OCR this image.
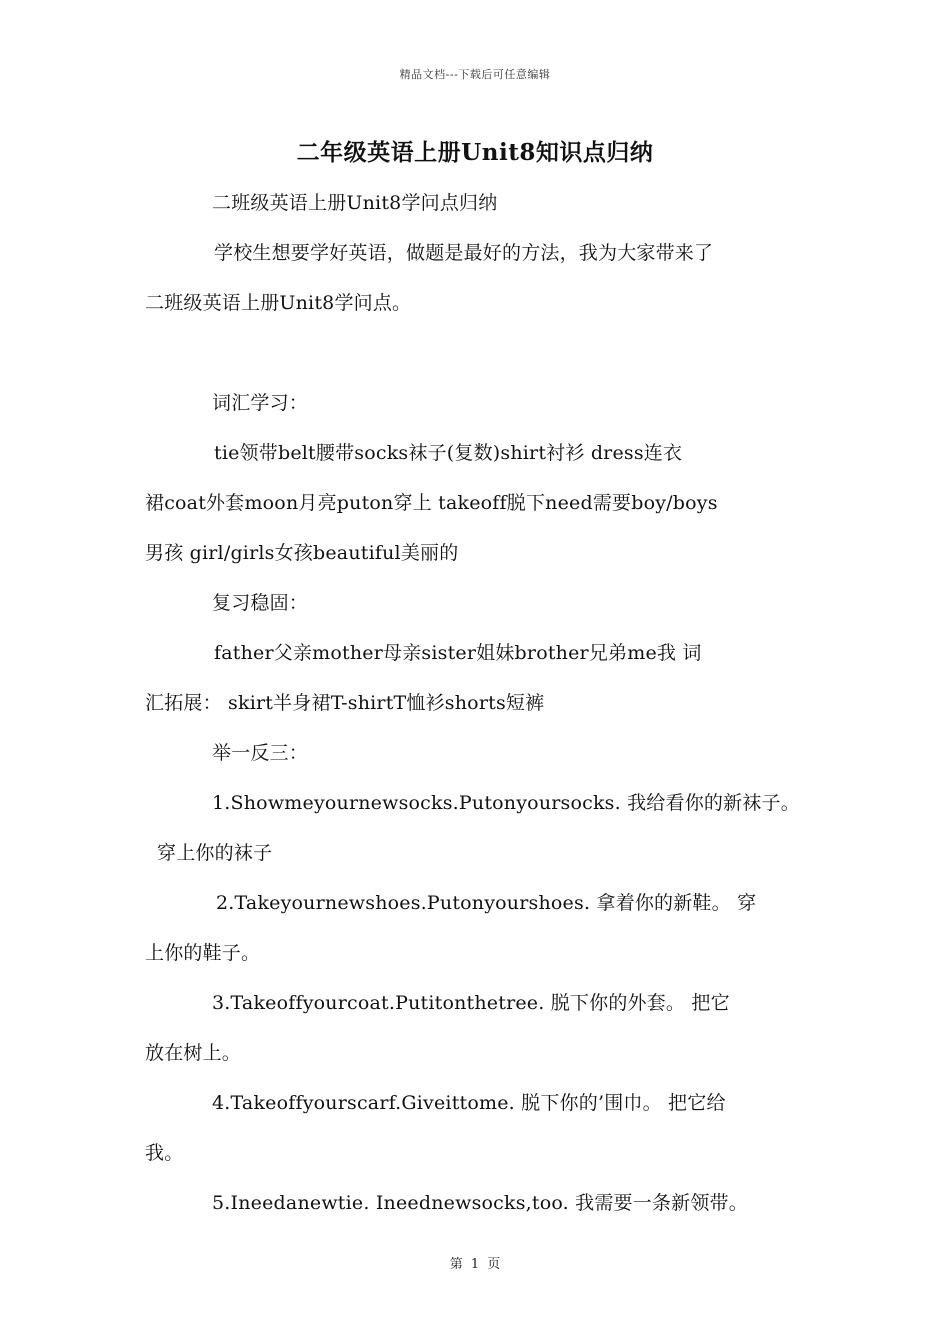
精品文档---下载后可任意编辑
二年级英语上册Unit8知识点归纳
二班级英语上册Unit8学问点归纳
学校生想要学好英语，做题是最好的方法，我为大家带来了
二班级英语上册Unit8学问点。
词汇学习：
tie领带belt腰带socks袜子(复数)shirt衬衫 dress连衣
裙coat外套moon月亮puton穿上 takeoff脱下need需要boy/boys
男孩 girl/girls女孩beautiful美丽的
复习稳固：
father父亲mother母亲sister姐妹brother兄弟me我 词
汇拓展： skirt半身裙T-shirtT恤衫shorts短裤
举一反三：
1.Showmeyournewsocks.Putonyoursocks. 我给看你的新袜子。
穿上你的袜子
2.Takeyournewshoes.Putonyourshoes. 拿着你的新鞋。 穿
上你的鞋子。
3.Takeoffyourcoat.Putitonthetree. 脱下你的外套。 把它
放在树上。
4.Takeoffyourscarf.Giveittome. 脱下你的’围巾。 把它给
我。
5.Ineedanewtie. Ineednewsocks,too. 我需要一条新领带。
第 1 页
